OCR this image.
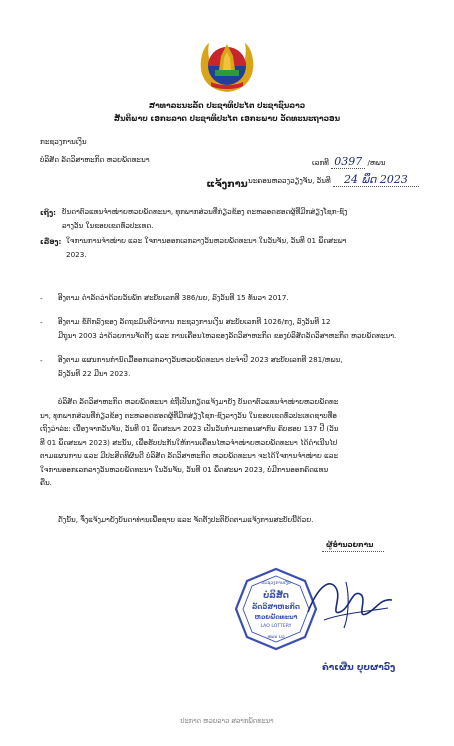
ສາທາລະນະລັດ ປະຊາທິປະໄຕ ປະຊາຊົນລາວ
ສັນຕິພາບ ເອກະລາດ ປະຊາທິປະໄຕ ເອກະພາບ ວັດທະນະຖາວອນ
ກະຊວງການເງິນ
ບໍລິສັດ ລັດວິສາຫະກິດ ຫວຍພັດທະນາ	ເລກທີ 0397 /ຫພນ
ນະຄອນຫລວງວຽງຈັນ, ວັນທີ 24 ພຶດ 2023
ແຈ້ງການ
ເຖິງ: ບັນດາຕົວແທນຈໍາໜ່າຍຫວຍພັດທະນາ, ທຸກພາກສ່ວນທີ່ກ່ຽວຂ້ອງ ຕະຫລອດຮອດຜູ້ທີ່ມີກສ່ຽງໂຊກ-ຊົງ
ລາງວັນ ໃນຂອບເຂດທົ່ວປະເທດ.
ເລື່ອງ: ໃຈການການຈໍາໜ່າຍ ແລະ ໃຈການອອກເລກລາງວັນຫວຍພັດທະນາ ໃນວັນຈັນ, ວັນທີ 01 ພຶດສະພາ
2023.
- ອີງຕາມ ດຳລັດວ່າດ້ວຍວັນພັກ ສະບັບເລກທີ 386/ນຍ, ລົງວັນທີ 15 ທັນວາ 2017.
- ອີງຕາມ ຂໍ້ຕົກລົງຂອງ ລັດຖະມົນຕີວ່າການ ກະຊວງການເງິນ ສະບັບເລກທີ 1026/ກງ, ລົງວັນທີ 12
ມີຖຸນາ 2003 ວ່າດ້ວຍການຈັດຕັ້ງ ແລະ ການເຄື່ອນໄຫວຂອງລັດວິສາຫະກິດ ຂອງບໍລິສັດລັດວິສາຫະກິດ ຫວຍພັດທະນາ.
- ອີງຕາມ ແຜນການກໍານົດມື້ອອກເລກລາງວັນຫວຍພັດທະນາ ປະຈຳປີ 2023 ສະບັບເລກທີ 281/ຫພນ,
ລົງວັນທີ 22 ມີນາ 2023.
ບໍລິສັດ ລັດວິສາຫະກິດ ຫວຍພັດທະນາ ຂໍຖືເປັນກຽດແຈ້ງມາຍັງ ບັນດາຕົວແທນຈໍາໜ່າຍຫວຍພັດທະ
ນາ, ທຸກພາກສ່ວນທີ່ກ່ຽວຂ້ອງ ຕະຫລອດຮອດຜູ້ທີ່ມີກສ່ຽງໂຊກ-ຊົງລາງວັນ ໃນຂອບເຂດທົ່ວປະເທດຊາບທື່ອ
ເຖິງວ່າລ່ະ: ເນື່ອງຈາກວັນຈັນ, ວັນທີ 01 ພຶດສະພາ 2023 ເປັນວັນກຳມະກອນສາກົນ ຄົບຮອບ 137 ປີ (ວັນ
ທີ 01 ພຶດສະພາ 2023) ສະນັ້ນ, ເພື່ອຮັບປະກັນໃຫ້ການເຄື່ອນໄຫວຈໍາໜ່າຍຫວຍພັດທະນາ ໄດ້ດຳເນີນໄປ
ຕາມແຜນການ ແລະ ມີປະສິດທິຜົນດີ ບໍລິສັດ ລັດວິສາຫະກິດ ຫວຍພັດທະນາ ຈະໄດ້ໃຈການຈໍາໜ່າຍ ແລະ
ໃຈການອອກເລກລາງວັນຫວຍພັດທະນາ ໃນວັນຈັນ, ວັນທີ 01 ພຶດສະພາ 2023, ບໍ່ມີການອອກຄົດແທນ
ຄືນ.
ດັ່ງນັ້ນ, ຈຶ່ງແຈ້ງມາຍັງບັນດາທ່ານເພື່ອຊາບ ແລະ ຈັດຕັ້ງປະຕິບັດຕາມແຈ້ງການສະບັບນີ້ດ້ວຍ.
ຜູ້ອໍານວຍການ
ບໍລິສັດ
ລັດວິສາຫະກິດ
ຫວຍພັດທະນາ
LAO LOTTERY
ກະຊວງການເງິນ
ຫພນ ນວ
ຄໍາເຜີ່ນ ບຸບຜາວົງ
ປະກາດ ຫວຍລາວ ສລາກພັດທະນາ
